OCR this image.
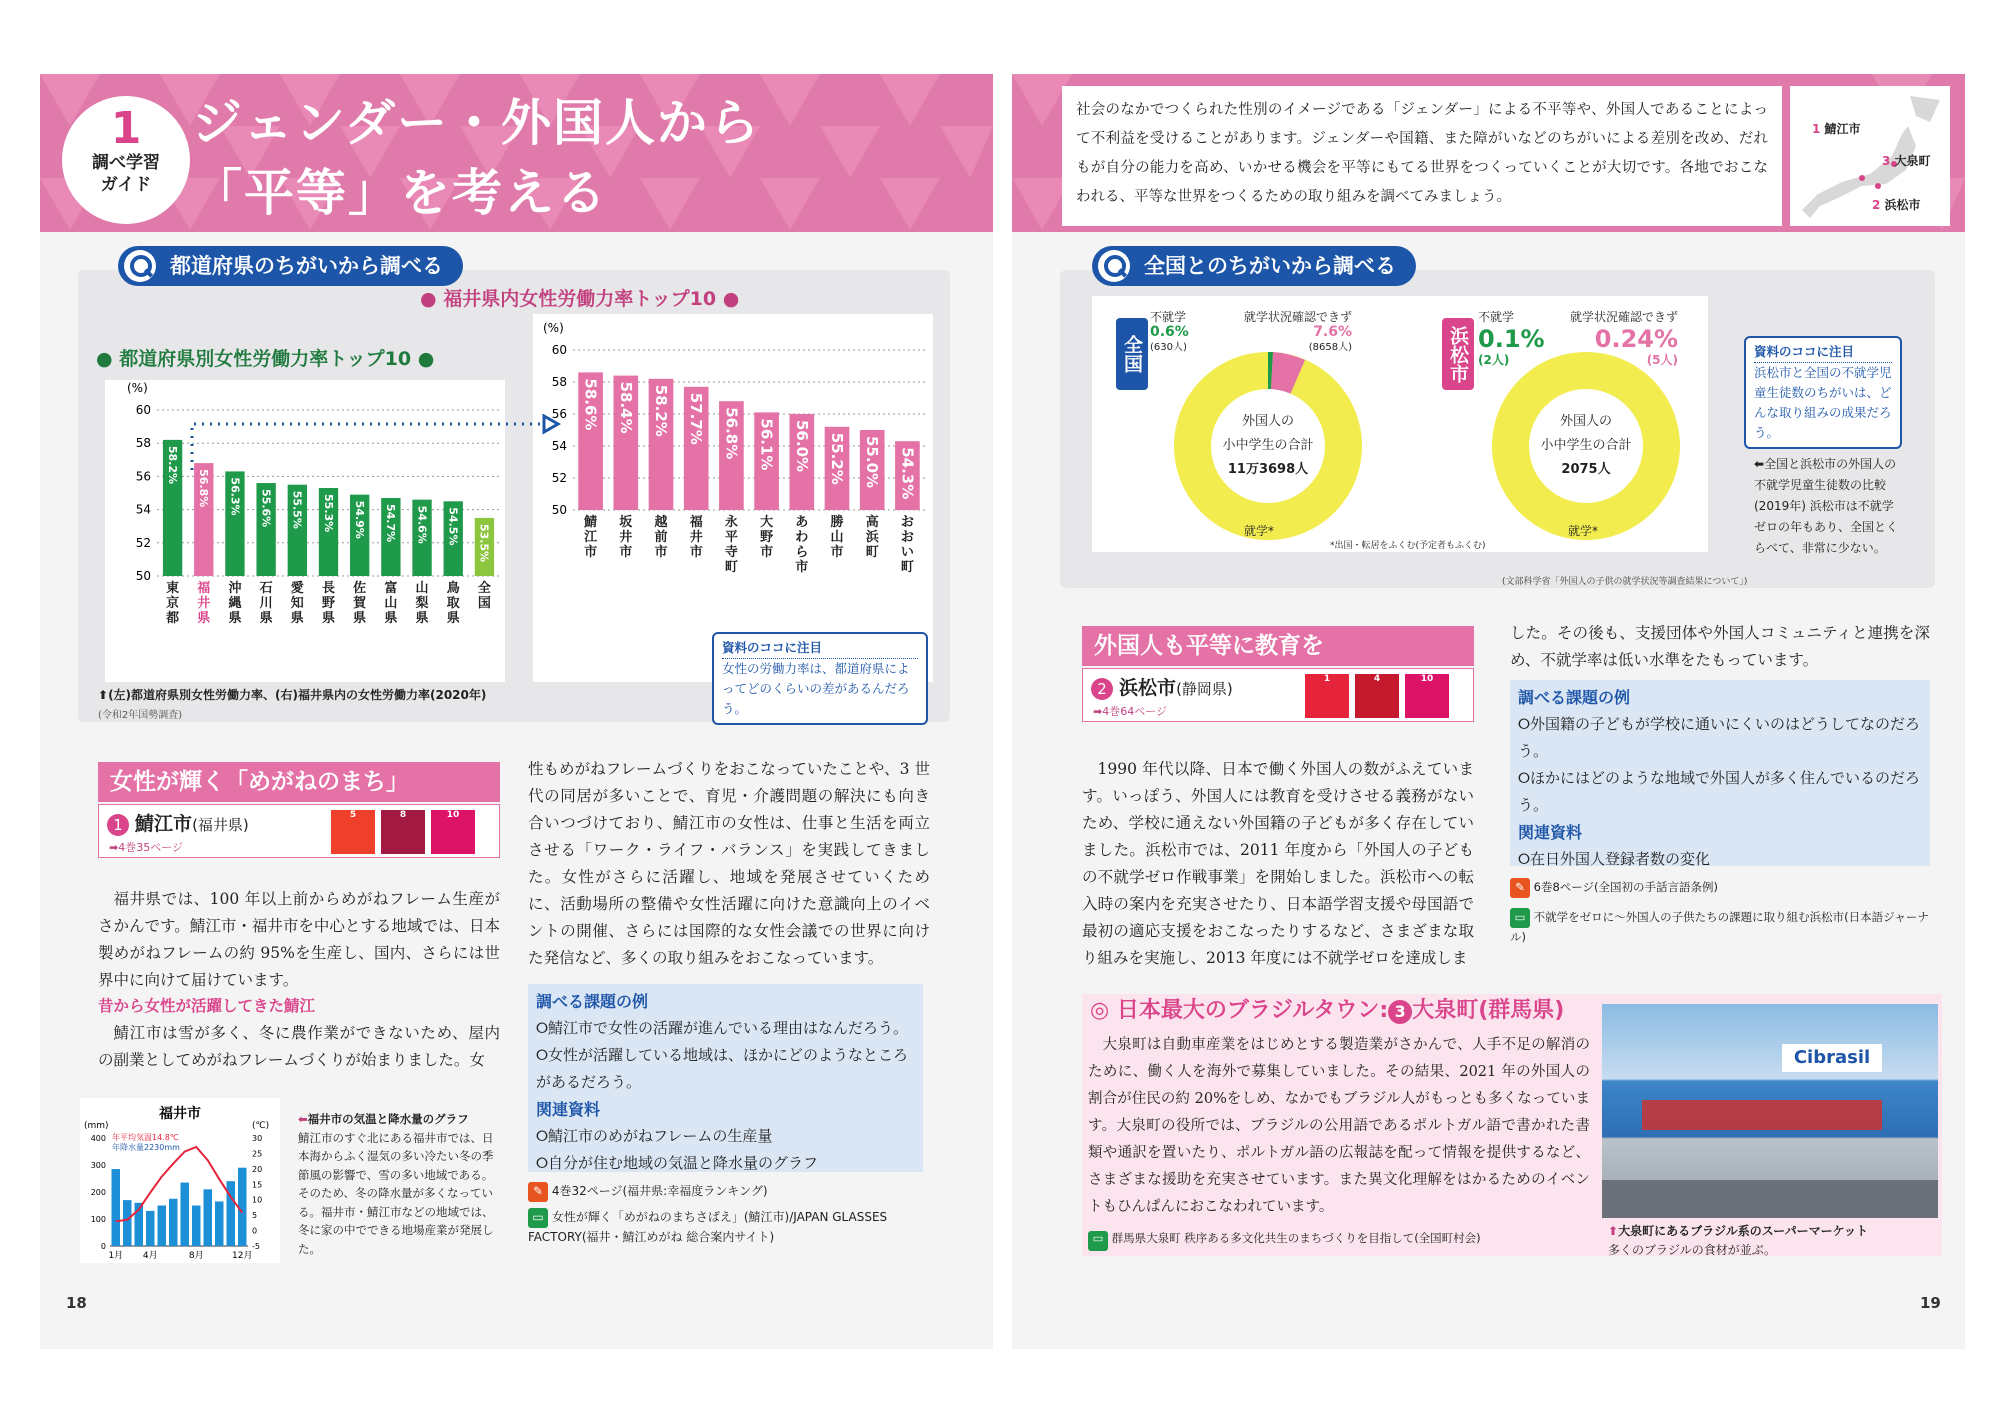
1
調べ学習
ガイド
ジェンダー・外国人から
「平等」を考える
都道府県のちがいから調べる
● 都道府県別女性労働力率トップ10 ●
● 福井県内女性労働力率トップ10 ●
(%)
50
52
54
56
58
60
58.2%
東
京
都
56.8%
福
井
県
56.3%
沖
縄
県
55.6%
石
川
県
55.5%
愛
知
県
55.3%
長
野
県
54.9%
佐
賀
県
54.7%
富
山
県
54.6%
山
梨
県
54.5%
鳥
取
県
53.5%
全
国
(%)
50
52
54
56
58
60
58.6%
鯖
江
市
58.4%
坂
井
市
58.2%
越
前
市
57.7%
福
井
市
56.8%
永
平
寺
町
56.1%
大
野
市
56.0%
あ
わ
ら
市
55.2%
勝
山
市
55.0%
高
浜
町
54.3%
お
お
い
町
資料のココに注目
女性の労働力率は、都道府県によってどのくらいの差があるんだろう。
⬆(左)都道府県別女性労働力率、(右)福井県内の女性労働力率(2020年)
(令和2年国勢調査)
女性が輝く「めがねのまち」
1 鯖江市(福井県)
➡4巻35ページ
5	8	10
福井県では、100 年以上前からめがねフレーム生産がさかんです。鯖江市・福井市を中心とする地域では、日本製めがねフレームの約 95%を生産し、国内、さらには世界中に向けて届けています。
昔から女性が活躍してきた鯖江
鯖江市は雪が多く、冬に農作業ができないため、屋内の副業としてめがねフレームづくりが始まりました。女
性もめがねフレームづくりをおこなっていたことや、3 世代の同居が多いことで、育児・介護問題の解決にも向き合いつづけており、鯖江市の女性は、仕事と生活を両立させる「ワーク・ライフ・バランス」を実践してきました。女性がさらに活躍し、地域を発展させていくために、活動場所の整備や女性活躍に向けた意識向上のイベントの開催、さらには国際的な女性会議での世界に向けた発信など、多くの取り組みをおこなっています。
調べる課題の例
⭘鯖江市で女性の活躍が進んでいる理由はなんだろう。
⭘女性が活躍している地域は、ほかにどのようなところがあるだろう。
関連資料
⭘鯖江市のめがねフレームの生産量
⭘自分が住む地域の気温と降水量のグラフ
✎ 4巻32ページ(福井県:幸福度ランキング)
▭ 女性が輝く「めがねのまちさばえ」(鯖江市)/JAPAN GLASSES FACTORY(福井・鯖江めがね 総合案内サイト)
福井市
(mm)	(℃)
0
100
200
300
400
-5
0
5
10
15
20
25
30
1月 4月	8月	12月
年平均気温14.8℃
年降水量2230mm
⬅福井市の気温と降水量のグラフ
鯖江市のすぐ北にある福井市では、日本海からふく湿気の多い冷たい冬の季節風の影響で、雪の多い地域である。そのため、冬の降水量が多くなっている。福井市・鯖江市などの地域では、冬に家の中でできる地場産業が発展した。
18
社会のなかでつくられた性別のイメージである「ジェンダー」による不平等や、外国人であることによって不利益を受けることがあります。ジェンダーや国籍、また障がいなどのちがいによる差別を改め、だれもが自分の能力を高め、いかせる機会を平等にもてる世界をつくっていくことが大切です。各地でおこなわれる、平等な世界をつくるための取り組みを調べてみましょう。
1 鯖江市
3 大泉町
2 浜松市
全国とのちがいから調べる
全国
外国人の
小中学生の合計
11万3698人
不就学
0.6%
(630人)
就学状況確認できず
7.6%
(8658人)
就学*
浜松市
外国人の
小中学生の合計
2075人
不就学
0.1%
(2人)
就学状況確認できず
0.24%
(5人)
就学*
*出国・転居をふくむ(予定者もふくむ)
(文部科学省「外国人の子供の就学状況等調査結果について」)
資料のココに注目
浜松市と全国の不就学児童生徒数のちがいは、どんな取り組みの成果だろう。
⬅全国と浜松市の外国人の不就学児童生徒数の比較(2019年) 浜松市は不就学ゼロの年もあり、全国とくらべて、非常に少ない。
外国人も平等に教育を
2 浜松市(静岡県)
➡4巻64ページ
1	4	10
1990 年代以降、日本で働く外国人の数がふえています。いっぽう、外国人には教育を受けさせる義務がないため、学校に通えない外国籍の子どもが多く存在していました。浜松市では、2011 年度から「外国人の子どもの不就学ゼロ作戦事業」を開始しました。浜松市への転入時の案内を充実させたり、日本語学習支援や母国語で最初の適応支援をおこなったりするなど、さまざまな取り組みを実施し、2013 年度には不就学ゼロを達成しま
した。その後も、支援団体や外国人コミュニティと連携を深め、不就学率は低い水準をたもっています。
調べる課題の例
⭘外国籍の子どもが学校に通いにくいのはどうしてなのだろう。
⭘ほかにはどのような地域で外国人が多く住んでいるのだろう。
関連資料
⭘在日外国人登録者数の変化
✎ 6巻8ページ(全国初の手話言語条例)
▭ 不就学をゼロに〜外国人の子供たちの課題に取り組む浜松市(日本語ジャーナル)
◎ 日本最大のブラジルタウン: 3 大泉町(群馬県)
大泉町は自動車産業をはじめとする製造業がさかんで、人手不足の解消のために、働く人を海外で募集していました。その結果、2021 年の外国人の割合が住民の約 20%をしめ、なかでもブラジル人がもっとも多くなっています。大泉町の役所では、ブラジルの公用語であるポルトガル語で書かれた書類や通訳を置いたり、ポルトガル語の広報誌を配って情報を提供するなど、さまざまな援助を充実させています。また異文化理解をはかるためのイベントもひんぱんにおこなわれています。
▭ 群馬県大泉町 秩序ある多文化共生のまちづくりを目指して(全国町村会)
Cibrasil
⬆大泉町にあるブラジル系のスーパーマーケット
多くのブラジルの食材が並ぶ。
19
